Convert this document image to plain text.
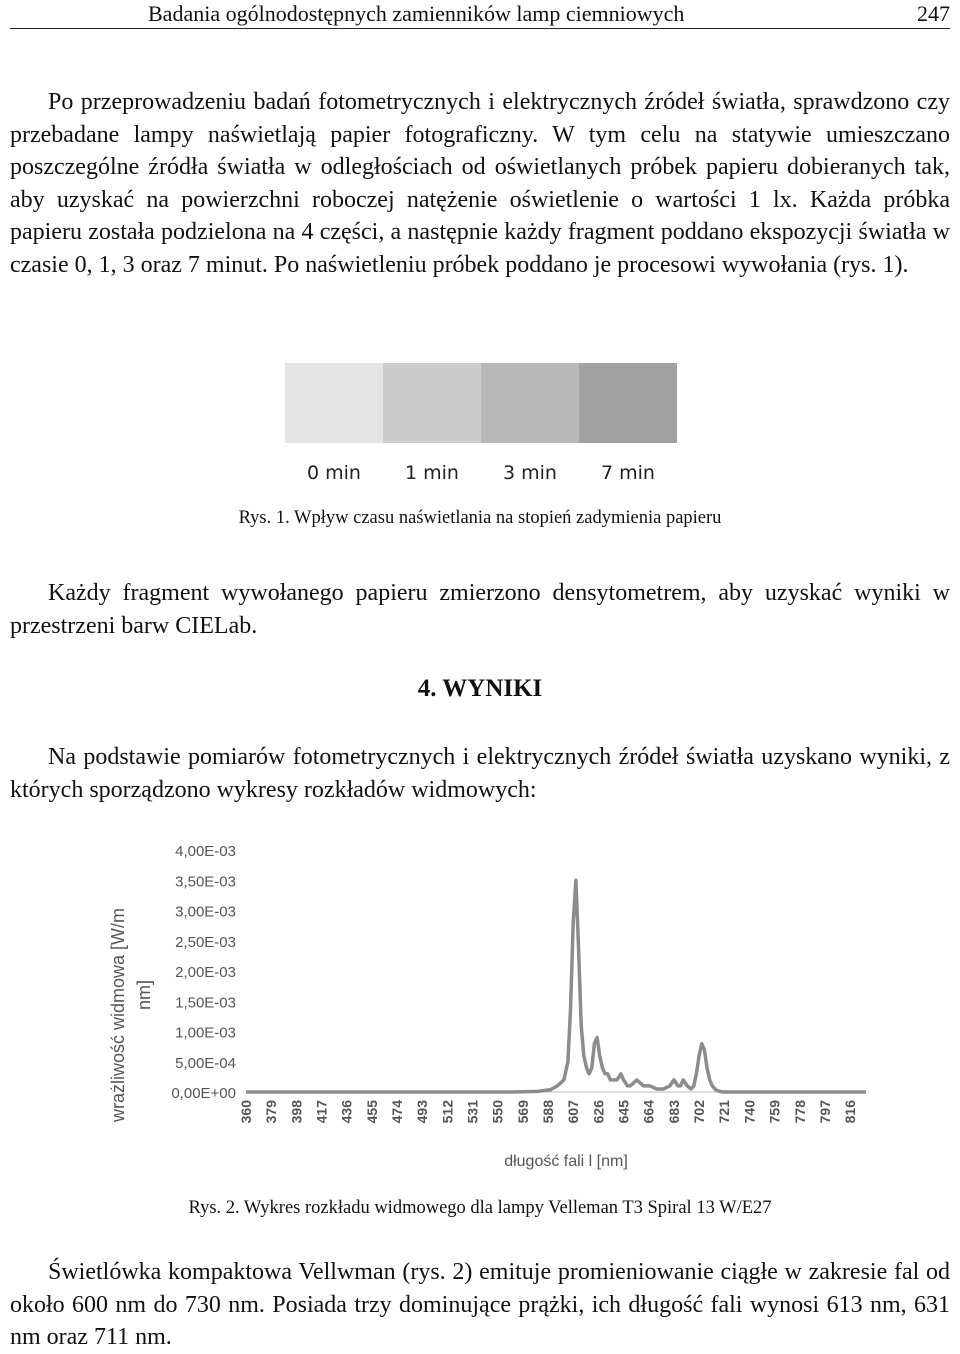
Badania ogólnodostępnych zamienników lamp ciemniowych	247

Po przeprowadzeniu badań fotometrycznych i elektrycznych źródeł światła, sprawdzono czy przebadane lampy naświetlają papier fotograficzny. W tym celu na statywie umieszczano poszczególne źródła światła w odległościach od oświetlanych próbek papieru dobieranych tak, aby uzyskać na powierzchni roboczej natężenie oświetlenie o wartości 1 lx. Każda próbka papieru została podzielona na 4 części, a następnie każdy fragment poddano ekspozycji światła w czasie 0, 1, 3 oraz 7 minut. Po naświetleniu próbek poddano je procesowi wywołania (rys. 1).

0 min	1 min	3 min	7 min
Rys. 1. Wpływ czasu naświetlania na stopień zadymienia papieru

Każdy fragment wywołanego papieru zmierzono densytometrem, aby uzyskać wyniki w przestrzeni barw CIELab.

4. WYNIKI

Na podstawie pomiarów fotometrycznych i elektrycznych źródeł światła uzyskano wyniki, z których sporządzono wykresy rozkładów widmowych:

0,00E+00
5,00E-04
1,00E-03
1,50E-03
2,00E-03
2,50E-03
3,00E-03
3,50E-03
4,00E-03
360 379 398 417 436 455 474 493 512 531 550 569 588 607 626 645 664 683 702 721 740 759 778 797 816
długość fali l [nm]
wrażliwość widmowa [W/m nm]
Rys. 2. Wykres rozkładu widmowego dla lampy Velleman T3 Spiral 13 W/E27

Świetlówka kompaktowa Vellwman (rys. 2) emituje promieniowanie ciągłe w zakresie fal od około 600 nm do 730 nm. Posiada trzy dominujące prążki, ich długość fali wynosi 613 nm, 631 nm oraz 711 nm.
